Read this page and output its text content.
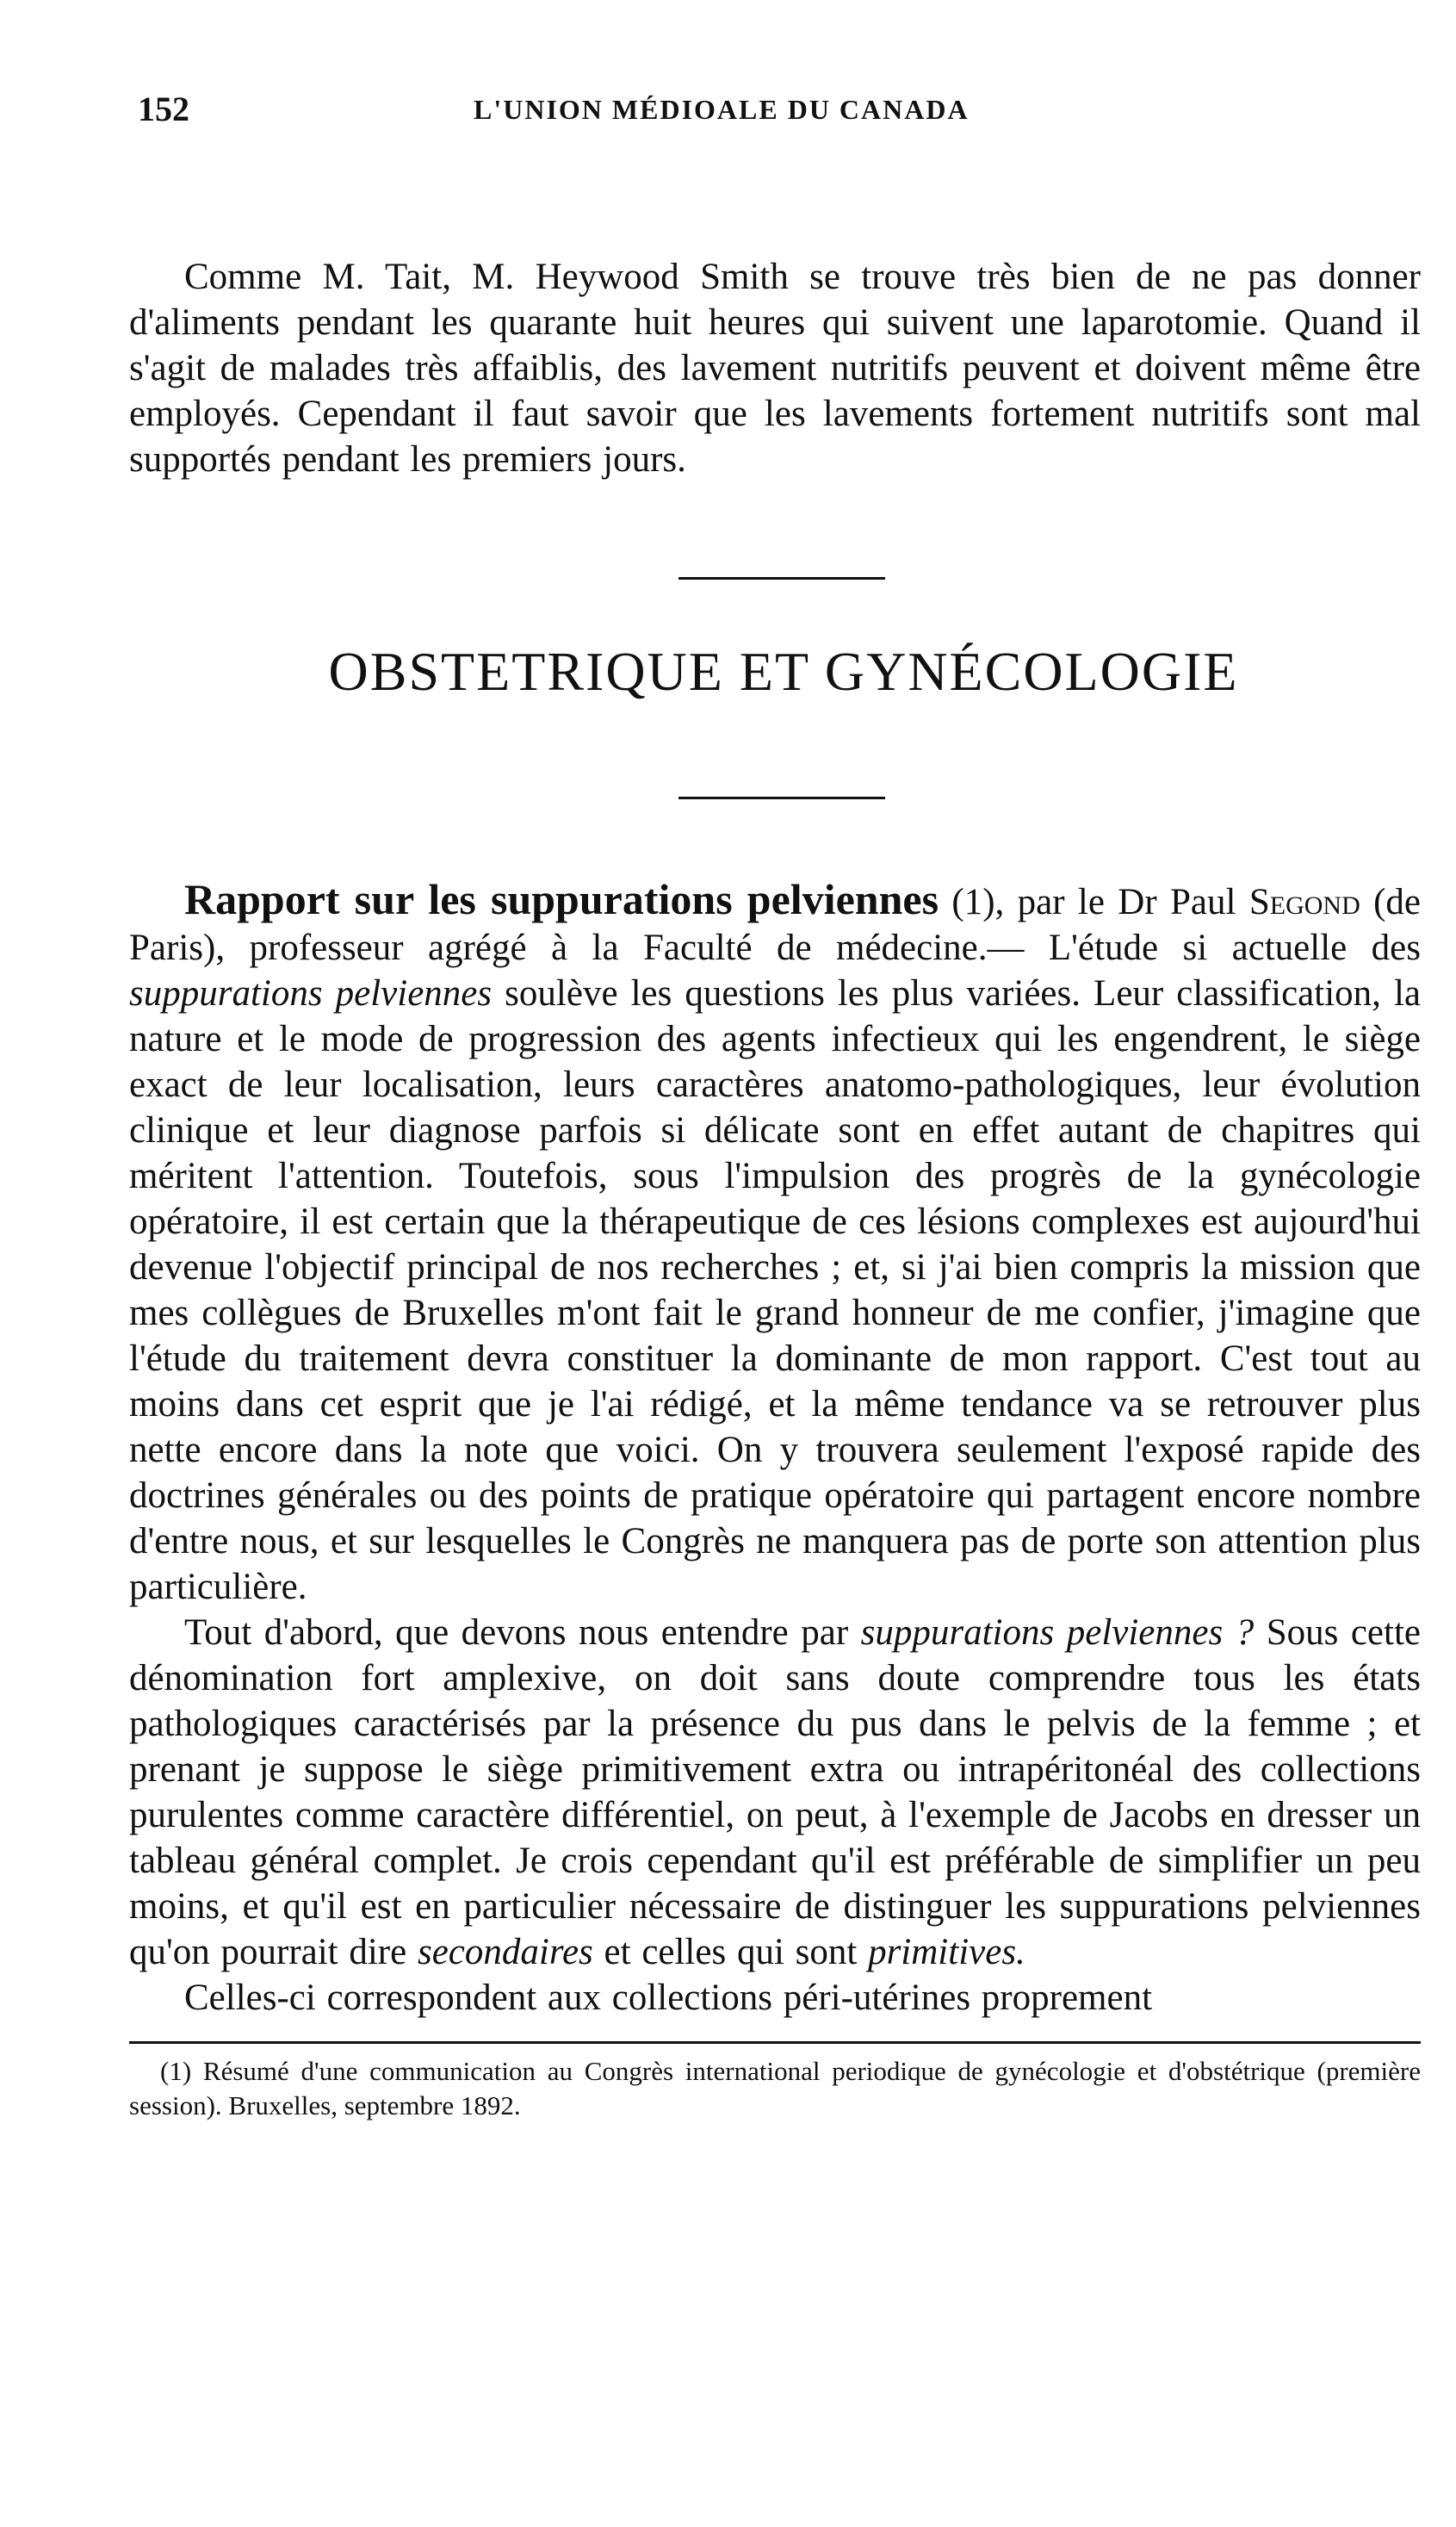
152	L'UNION MÉDIOALE DU CANADA

Comme M. Tait, M. Heywood Smith se trouve très bien de ne pas donner d'aliments pendant les quarante huit heures qui suivent une laparotomie. Quand il s'agit de malades très affaiblis, des lavement nutritifs peuvent et doivent même être employés. Cependant il faut savoir que les lavements fortement nutritifs sont mal supportés pendant les premiers jours.

OBSTETRIQUE ET GYNÉCOLOGIE

Rapport sur les suppurations pelviennes (1), par le Dr Paul Segond (de Paris), professeur agrégé à la Faculté de médecine.— L'étude si actuelle des suppurations pelviennes soulève les questions les plus variées. Leur classification, la nature et le mode de progression des agents infectieux qui les engendrent, le siège exact de leur localisation, leurs caractères anatomo-pathologiques, leur évolution clinique et leur diagnose parfois si délicate sont en effet autant de chapitres qui méritent l'attention. Toutefois, sous l'impulsion des progrès de la gynécologie opératoire, il est certain que la thérapeutique de ces lésions complexes est aujourd'hui devenue l'objectif principal de nos recherches ; et, si j'ai bien compris la mission que mes collègues de Bruxelles m'ont fait le grand honneur de me confier, j'imagine que l'étude du traitement devra constituer la dominante de mon rapport. C'est tout au moins dans cet esprit que je l'ai rédigé, et la même tendance va se retrouver plus nette encore dans la note que voici. On y trouvera seulement l'exposé rapide des doctrines générales ou des points de pratique opératoire qui partagent encore nombre d'entre nous, et sur lesquelles le Congrès ne manquera pas de porte son attention plus particulière.

Tout d'abord, que devons nous entendre par suppurations pelviennes ? Sous cette dénomination fort amplexive, on doit sans doute comprendre tous les états pathologiques caractérisés par la présence du pus dans le pelvis de la femme ; et prenant je suppose le siège primitivement extra ou intrapéritonéal des collections purulentes comme caractère différentiel, on peut, à l'exemple de Jacobs en dresser un tableau général complet. Je crois cependant qu'il est préférable de simplifier un peu moins, et qu'il est en particulier nécessaire de distinguer les suppurations pelviennes qu'on pourrait dire secondaires et celles qui sont primitives.

Celles-ci correspondent aux collections péri-utérines proprement

(1) Résumé d'une communication au Congrès international periodique de gynécologie et d'obstétrique (première session). Bruxelles, septembre 1892.
